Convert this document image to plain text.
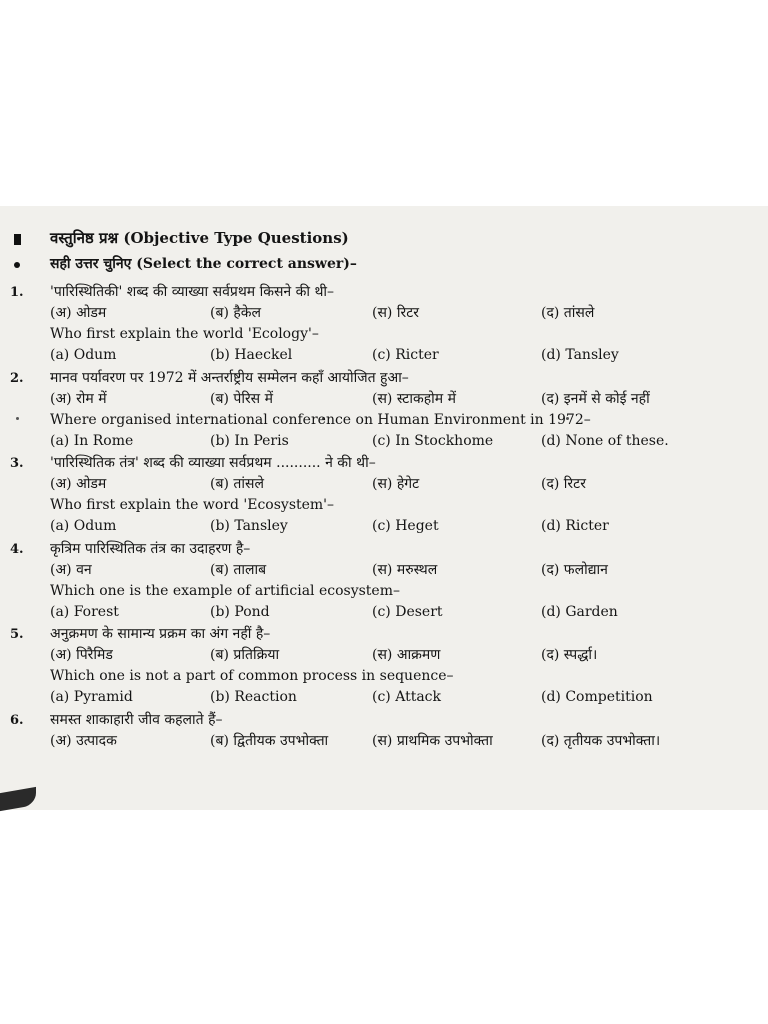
वस्तुनिष्ठ प्रश्न (Objective Type Questions)
सही उत्तर चुनिए (Select the correct answer)–
1.	'पारिस्थितिकी' शब्द की व्याख्या सर्वप्रथम किसने की थी–
(अ) ओडम	(ब) हैकेल	(स) रिटर	(द) तांसले
Who first explain the world 'Ecology'–
(a) Odum	(b) Haeckel	(c) Ricter	(d) Tansley
2.	मानव पर्यावरण पर 1972 में अन्तर्राष्ट्रीय सम्मेलन कहाँ आयोजित हुआ–
(अ) रोम में	(ब) पेरिस में	(स) स्टाकहोम में	(द) इनमें से कोई नहीं
Where organised international conference on Human Environment in 1972–
(a) In Rome	(b) In Peris	(c) In Stockhome	(d) None of these.
3.	'पारिस्थितिक तंत्र' शब्द की व्याख्या सर्वप्रथम .......... ने की थी–
(अ) ओडम	(ब) तांसले	(स) हेगेट	(द) रिटर
Who first explain the word 'Ecosystem'–
(a) Odum	(b) Tansley	(c) Heget	(d) Ricter
4.	कृत्रिम पारिस्थितिक तंत्र का उदाहरण है–
(अ) वन	(ब) तालाब	(स) मरुस्थल	(द) फलोद्यान
Which one is the example of artificial ecosystem–
(a) Forest	(b) Pond	(c) Desert	(d) Garden
5.	अनुक्रमण के सामान्य प्रक्रम का अंग नहीं है–
(अ) पिरैमिड	(ब) प्रतिक्रिया	(स) आक्रमण	(द) स्पर्द्धा।
Which one is not a part of common process in sequence–
(a) Pyramid	(b) Reaction	(c) Attack	(d) Competition
6.	समस्त शाकाहारी जीव कहलाते हैं–
(अ) उत्पादक	(ब) द्वितीयक उपभोक्ता	(स) प्राथमिक उपभोक्ता	(द) तृतीयक उपभोक्ता।
